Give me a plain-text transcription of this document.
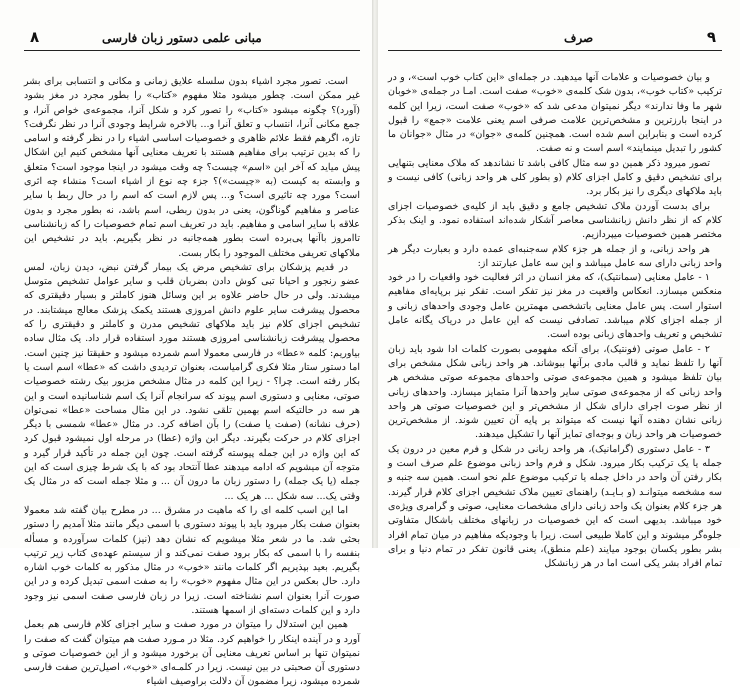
مبانی علمی دستور زبان فارسی
۸

است. تصور مجرد اشیاء بدون سلسله علایق زمانی و مکانی و انتسابی برای بشر غیر ممکن است. چطور میشود مثلا مفهوم «کتاب» را بطور مجرد در مغز بشود (آورد)؟ چگونه میشود «کتاب» را تصور کرد و شکل آنرا، مجموعه‌ی خواص آنرا، و جمع مکانی آنرا، انتساب و تعلق آنرا و... بالاخره شرایط وجودی آنرا در نظر نگرفت؟ تازه، اگرهم فقط علائم ظاهری و خصوصیات اساسی اشیاء را در نظر گرفته و اسامی را که بدین ترتیب برای مفاهیم هستند با تعریف معنایی آنها مشخص کنیم این اشکال پیش میاید که آخر این «اسم» چیست؟ چه وقت میشود در اینجا موجود است؟ متعلق و وابسته به کیست (به «چیست»)؟ جزء چه نوع از اشیاء است؟ منشاء چه اثری است؟ مورد چه تاثیری است؟ و... پس لازم است که اسم را در حال ربط با سایر عناصر و مفاهیم گوناگون، یعنی در بدون ربطی، اسم باشد، نه بطور مجرد و بدون علاقه با سایر اسامی و مفاهیم. باید در تعریف اسم تمام خصوصیات را که زبانشناسی تاامروز باآنها پی‌برده است بطور همه‌جانبه در نظر بگیریم. باید در تشخیص این ملاکهای تعریفی مختلف الموجود را بکار بست.

در قدیم پزشکان برای تشخیص مرض یک بیمار گرفتن نبض، دیدن زبان، لمس عضو رنجور و احیانا تبی کوش دادن بضربان قلب و سایر عوامل تشخیص متوسل میشدند. ولی در حال حاضر علاوه بر این وسائل هنوز کاملتر و بسیار دقیقتری که محصول پیشرفت سایر علوم دانش امروزی هستند یکمک پزشک معالج میشتابند. در تشخیص اجزای کلام نیز باید ملاکهای تشخیص مدرن و کاملتر و دقیقتری را که محصول پیشرفت زبانشناسی امروزی هستند مورد استفاده قرار داد. یک مثال ساده بیاوریم: کلمه «عطا» در فارسی معمولا اسم شمرده میشود و حقیقتا نیز چنین است. اما دستور ستار مثلا فکری گرامیاست، بعنوان تردیدی داشت که «عطا» اسم است یا بکار رفته است. چرا؟ - زیرا این کلمه در مثال مشخص مزبور بیک رشته خصوصیات صوتی، معنایی و دستوری اسم پیوند که سرانجام آنرا یک اسم شناسانیده است و این هر سه در حالتیکه اسم بهمین تلقی نشود. در این مثال مساحت «عطا» نمی‌توان (حرف نشانه) (صفت یا صفت) را بآن اضافه کرد. در مثال «عطا» شمسی با دیگر اجزای کلام در حرکت بگیرند. دیگر ابن واژه (عطا) در مرحله اول نمیشود قبول کرد که این واژه در این جمله پیوسته گرفته است. چون این جمله در تأکید قرار گیرد و متوجه آن میشویم که ادامه میدهند عطا آنتحاد بود که با یک شرط چیزی است که این جمله (یا یک جمله) را دستور زبان ما درون آن ... و مثلا جمله است که در مثال یک وقتی یک... سه شکل ... هر یک ...

اما این اسب کلمه ای را که ماهیت در مشرق ... در مطرح بیان گفته شد معمولا بعنوان صفت بکار میرود باید با پیوند دستوری با اسمی دیگر مانند مثلا آمدیم را دستور بحثی شد. ما در شعر مثلا میشویم که نشان دهد (نیز) کلمات سرآورده و مسأله بنفسه را با اسمی که بکار برود صفت نمی‌کند و از سیستم عهده‌ی کتاب زیر ترتیب بگیریم. بعید بپذیریم اگر کلمات مانند «خوب» در مثال مذکور به کلمات خوب اشاره دارد. حال بعکس در این مثال مفهوم «خوب» را به صفت اسمی تبدیل کرده و در این صورت آنرا بعنوان اسم نشناخته است. زیرا در زبان فارسی صفت اسمی نیز وجود دارد و این کلمات دسته‌ای از اسمها هستند.

همین این استدلال را میتوان در مورد صفت و سایر اجزای کلام فارسی هم بعمل آورد و در آینده اینکار را خواهیم کرد. مثلا در مـورد صفت هم میتوان گفت که صفت را نمیتوان تنها بر اساس تعریف معنایی آن برخورد میشود و از این خصوصیات صوتی و دستوری آن صحبتی در بین نیست. زیرا در کلمـه‌ای «خوب»، اصیل‌ترین صفت فارسی شمرده میشود، زیرا مضمون آن دلالت براوصیف اشیاء

۹
صرف

و بیان خصوصیات و علامات آنها میدهید. در جمله‌ای «این کتاب خوب است»، و در ترکیب «کتاب خوب»، بدون شک کلمه‌ی «خوب» صفت است. امـا در جمله‌ی «خوبان شهر ما وفا ندارند» دیگر نمیتوان مدعی شد که «خوب» صفت است، زیرا این کلمه در اینجا بارزترین و مشخص‌ترین علامت صرفی اسم یعنی علامت «جمع» را قبول کرده است و بنابراین اسم شده است. همچنین کلمه‌ی «جوان» در مثال «جوانان ما کشور را تبدیل مینمایند» اسم است و نه صفت.

تصور میرود ذکر همین دو سه مثال کافی باشد تا نشاندهد که ملاک معنایی بتنهایی برای تشخیص دقیق و کامل اجزای کلام (و بطور کلی هر واحد زبانی) کافی نیست و باید ملاکهای دیگری را نیز بکار برد.

برای بدست آوردن ملاک تشخیص جامع و دقیق باید از کلیه‌ی خصوصیات اجزای کلام که از نظر دانش زبانشناسی معاصر آشکار شده‌اند استفاده نمود. و اینک بذکر مختصر همین خصوصیات میپردازیم.

هر واحد زبانی، و از جمله هر جزء کلام سه‌جنبه‌ای عمده دارد و بعبارت دیگر هر واحد زبانی دارای سه عامل میباشد و این سه عامل عبارتند از:

۱ - عامل معنایی (سمانتیک)، که مغز انسان در اثر فعالیت خود واقعیات را در خود منعکس میسازد. انعکاس واقعیت در مغز نیز تفکر است. تفکر نیز برپایه‌ای مفاهیم استوار است. پس عامل معنایی باتشخصی مهمترین عامل وجودی واحدهای زبانی و از جمله اجزای کلام میباشد. تصادفی نیست که این عامل در دریاک یگانه عامل تشخیص و تعریف واحدهای زبانی بوده است.

۲ - عامل صوتی (فونتیک)، برای آنکه مفهومی بصورت کلمات ادا شود باید زبان آنها را تلفظ نماید و قالب مادی برآنها ببوشاند. هر واحد زبانی شکل مشخص برای بیان تلفظ میشود و همین مجموعه‌ی صوتی واحدهای مجموعه صوتی مشخص هر واحد زبانی که از مجموعه‌ی صوتی سایر واحدها آنرا متمایز میسازد. واحدهای زبانی از نظر صوت اجرای دارای شکل از مشخص‌تر و این خصوصیات صوتی هر واحد زبانی نشان دهنده آنها نیست که میتواند بر پایه آن تعیین شوند. از مشخص‌ترین خصوصیات هر واحد زبان و بوجه‌ای تمایز آنها را تشکیل میدهند.

۳ - عامل دستوری (گرامانیک)، هر واحد زبانی در شکل و فرم معین در درون یک جمله یا یک ترکیب بکار میرود. شکل و فرم واحد زبانی موضوع علم صرف است و بکار رفتن آن واحد در داخل جمله یا ترکیب موضوع علم نحو است. همین سه جنبه و سه مشخصه میتوانـد (و بـایـد) راهنمای تعیین ملاک تشخیص اجزای کلام قرار گیرند. هر جزء کلام بعنوان یک واحد زبانی دارای مشخصات معنایی، صوتی و گرامری ویژه‌ی خود میباشد. بدیهی است که این خصوصیات در زبانهای مختلف باشکال متفاوتی جلوه‌گر میشوند و این کاملا طبیعی است. زیرا با وجودیکه مفاهیم در میان تمام افراد بشر بطور یکسان بوجود میایند (علم منطق)، یعنی قانون تفکر در تمام دنیا و برای تمام افراد بشر یکی است اما در هر زبانشکل
